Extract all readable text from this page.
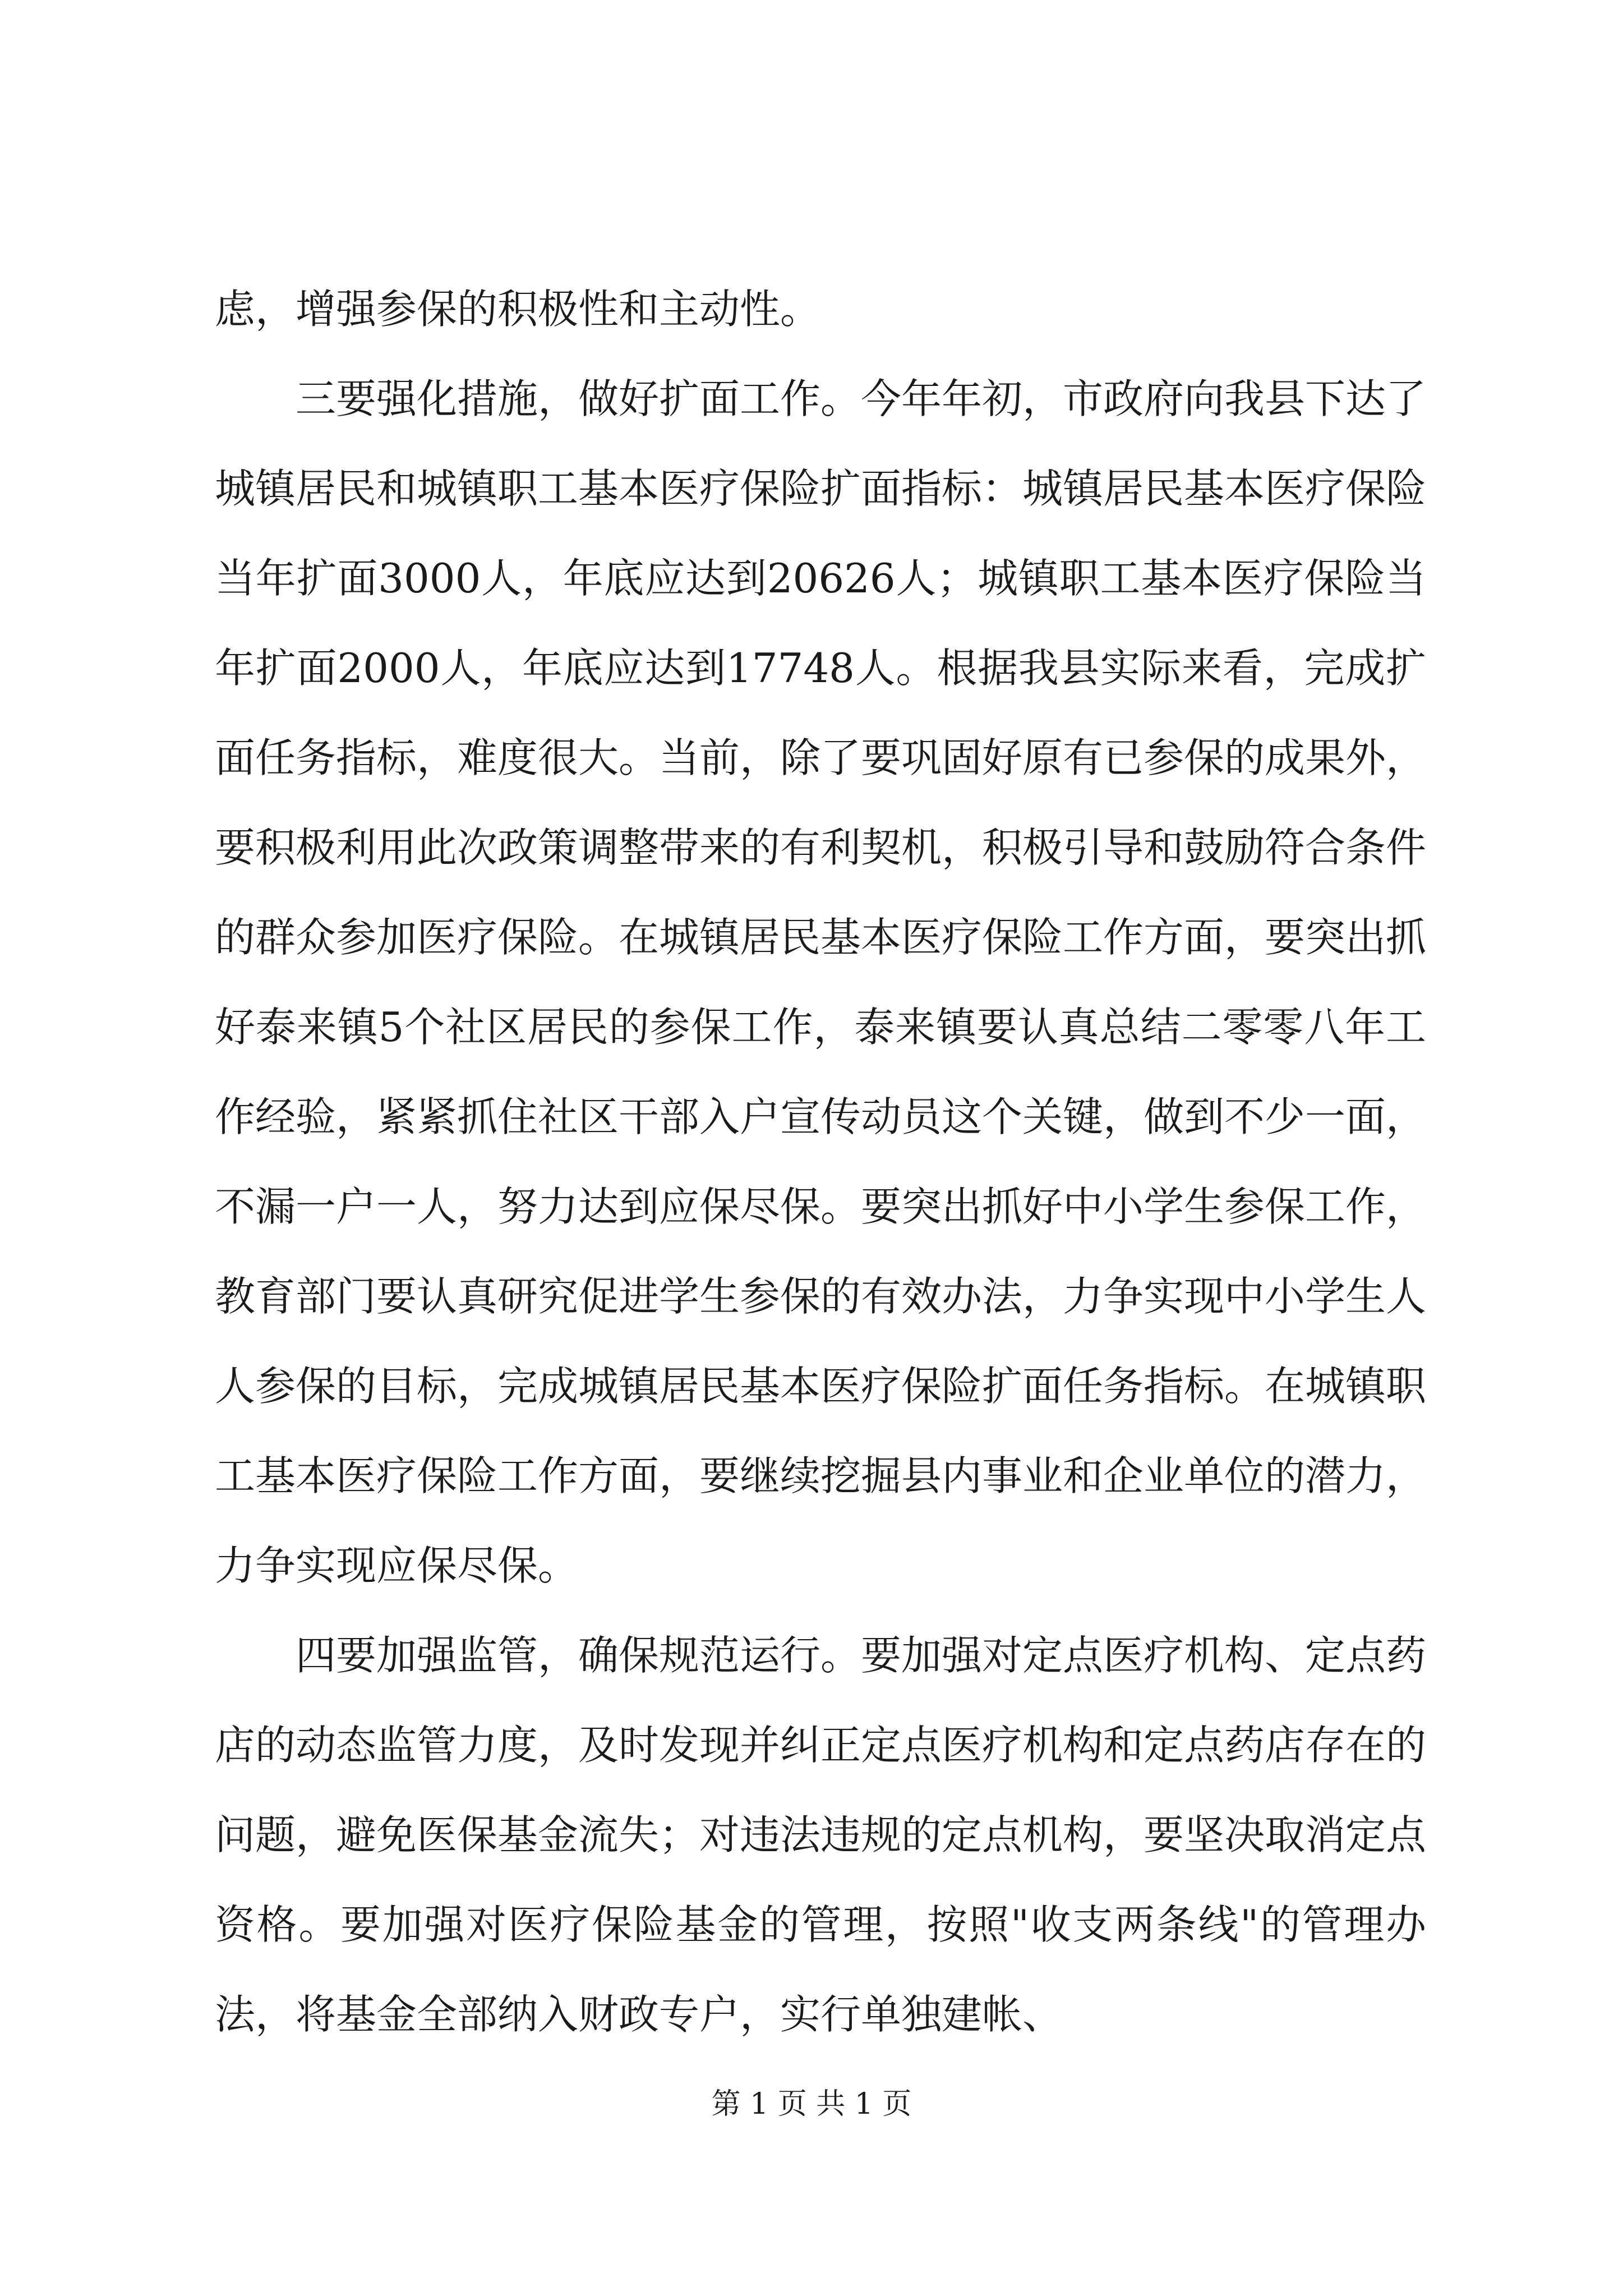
虑，增强参保的积极性和主动性。

三要强化措施，做好扩面工作。今年年初，市政府向我县下达了城镇居民和城镇职工基本医疗保险扩面指标：城镇居民基本医疗保险当年扩面3000人，年底应达到20626人；城镇职工基本医疗保险当年扩面2000人，年底应达到17748人。根据我县实际来看，完成扩面任务指标，难度很大。当前，除了要巩固好原有已参保的成果外，要积极利用此次政策调整带来的有利契机，积极引导和鼓励符合条件的群众参加医疗保险。在城镇居民基本医疗保险工作方面，要突出抓好泰来镇5个社区居民的参保工作，泰来镇要认真总结二零零八年工作经验，紧紧抓住社区干部入户宣传动员这个关键，做到不少一面，不漏一户一人，努力达到应保尽保。要突出抓好中小学生参保工作，教育部门要认真研究促进学生参保的有效办法，力争实现中小学生人人参保的目标，完成城镇居民基本医疗保险扩面任务指标。在城镇职工基本医疗保险工作方面，要继续挖掘县内事业和企业单位的潜力，力争实现应保尽保。

四要加强监管，确保规范运行。要加强对定点医疗机构、定点药店的动态监管力度，及时发现并纠正定点医疗机构和定点药店存在的问题，避免医保基金流失；对违法违规的定点机构，要坚决取消定点资格。要加强对医疗保险基金的管理，按照"收支两条线"的管理办法，将基金全部纳入财政专户，实行单独建帐、

第 1 页 共 1 页
